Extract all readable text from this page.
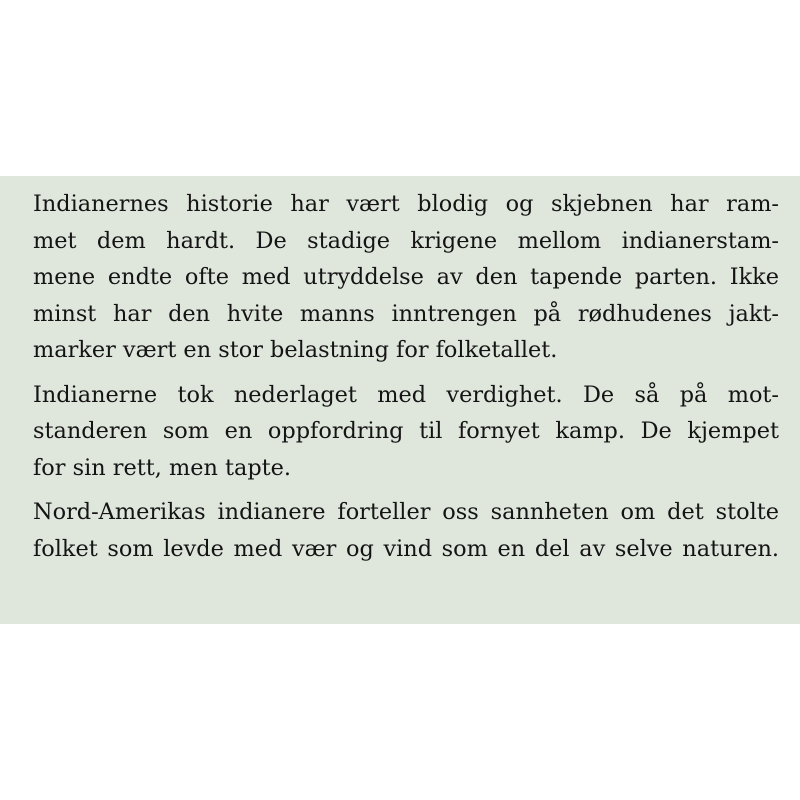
Indianernes historie har vært blodig og skjebnen har ram-
met dem hardt. De stadige krigene mellom indianerstam-
mene endte ofte med utryddelse av den tapende parten. Ikke
minst har den hvite manns inntrengen på rødhudenes jakt-
marker vært en stor belastning for folketallet.
Indianerne tok nederlaget med verdighet. De så på mot-
standeren som en oppfordring til fornyet kamp. De kjempet
for sin rett, men tapte.
Nord-Amerikas indianere forteller oss sannheten om det stolte
folket som levde med vær og vind som en del av selve naturen.
